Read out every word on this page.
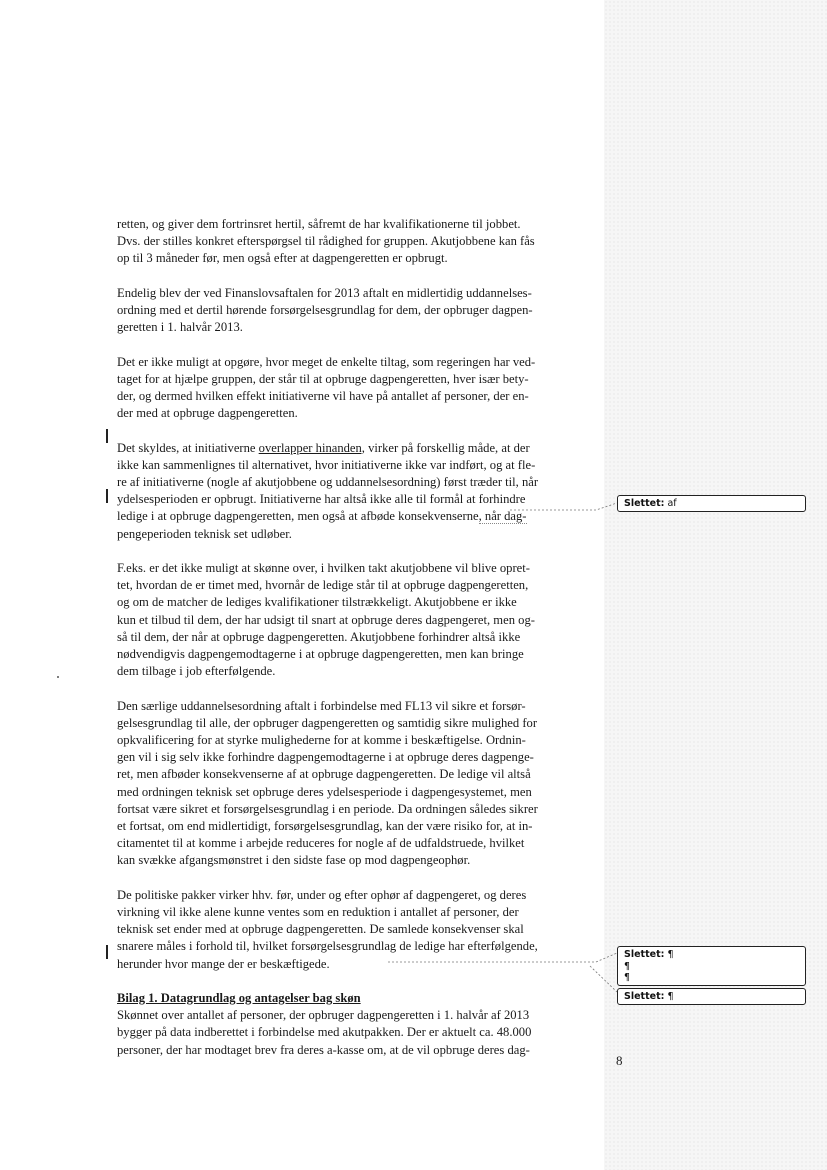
retten, og giver dem fortrinsret hertil, såfremt de har kvalifikationerne til jobbet.
Dvs. der stilles konkret efterspørgsel til rådighed for gruppen. Akutjobbene kan fås
op til 3 måneder før, men også efter at dagpengeretten er opbrugt.
Endelig blev der ved Finanslovsaftalen for 2013 aftalt en midlertidig uddannelses-
ordning med et dertil hørende forsørgelsesgrundlag for dem, der opbruger dagpen-
geretten i 1. halvår 2013.
Det er ikke muligt at opgøre, hvor meget de enkelte tiltag, som regeringen har ved-
taget for at hjælpe gruppen, der står til at opbruge dagpengeretten, hver især bety-
der, og dermed hvilken effekt initiativerne vil have på antallet af personer, der en-
der med at opbruge dagpengeretten.
Det skyldes, at initiativerne overlapper hinanden, virker på forskellig måde, at der
ikke kan sammenlignes til alternativet, hvor initiativerne ikke var indført, og at fle-
re af initiativerne (nogle af akutjobbene og uddannelsesordning) først træder til, når
ydelsesperioden er opbrugt. Initiativerne har altså ikke alle til formål at forhindre
ledige i at opbruge dagpengeretten, men også at afbøde konsekvenserne, når dag-
pengeperioden teknisk set udløber.
F.eks. er det ikke muligt at skønne over, i hvilken takt akutjobbene vil blive opret-
tet, hvordan de er timet med, hvornår de ledige står til at opbruge dagpengeretten,
og om de matcher de lediges kvalifikationer tilstrækkeligt. Akutjobbene er ikke
kun et tilbud til dem, der har udsigt til snart at opbruge deres dagpengeret, men og-
så til dem, der når at opbruge dagpengeretten. Akutjobbene forhindrer altså ikke
nødvendigvis dagpengemodtagerne i at opbruge dagpengeretten, men kan bringe
dem tilbage i job efterfølgende.
Den særlige uddannelsesordning aftalt i forbindelse med FL13 vil sikre et forsør-
gelsesgrundlag til alle, der opbruger dagpengeretten og samtidig sikre mulighed for
opkvalificering for at styrke mulighederne for at komme i beskæftigelse. Ordnin-
gen vil i sig selv ikke forhindre dagpengemodtagerne i at opbruge deres dagpenge-
ret, men afbøder konsekvenserne af at opbruge dagpengeretten. De ledige vil altså
med ordningen teknisk set opbruge deres ydelsesperiode i dagpengesystemet, men
fortsat være sikret et forsørgelsesgrundlag i en periode. Da ordningen således sikrer
et fortsat, om end midlertidigt, forsørgelsesgrundlag, kan der være risiko for, at in-
citamentet til at komme i arbejde reduceres for nogle af de udfaldstruede, hvilket
kan svække afgangsmønstret i den sidste fase op mod dagpengeophør.
De politiske pakker virker hhv. før, under og efter ophør af dagpengeret, og deres
virkning vil ikke alene kunne ventes som en reduktion i antallet af personer, der
teknisk set ender med at opbruge dagpengeretten. De samlede konsekvenser skal
snarere måles i forhold til, hvilket forsørgelsesgrundlag de ledige har efterfølgende,
herunder hvor mange der er beskæftigede.
Bilag 1. Datagrundlag og antagelser bag skøn
Skønnet over antallet af personer, der opbruger dagpengeretten i 1. halvår af 2013
bygger på data indberettet i forbindelse med akutpakken. Der er aktuelt ca. 48.000
personer, der har modtaget brev fra deres a-kasse om, at de vil opbruge deres dag-
Slettet: af
Slettet: ¶
¶
¶
Slettet: ¶
8
